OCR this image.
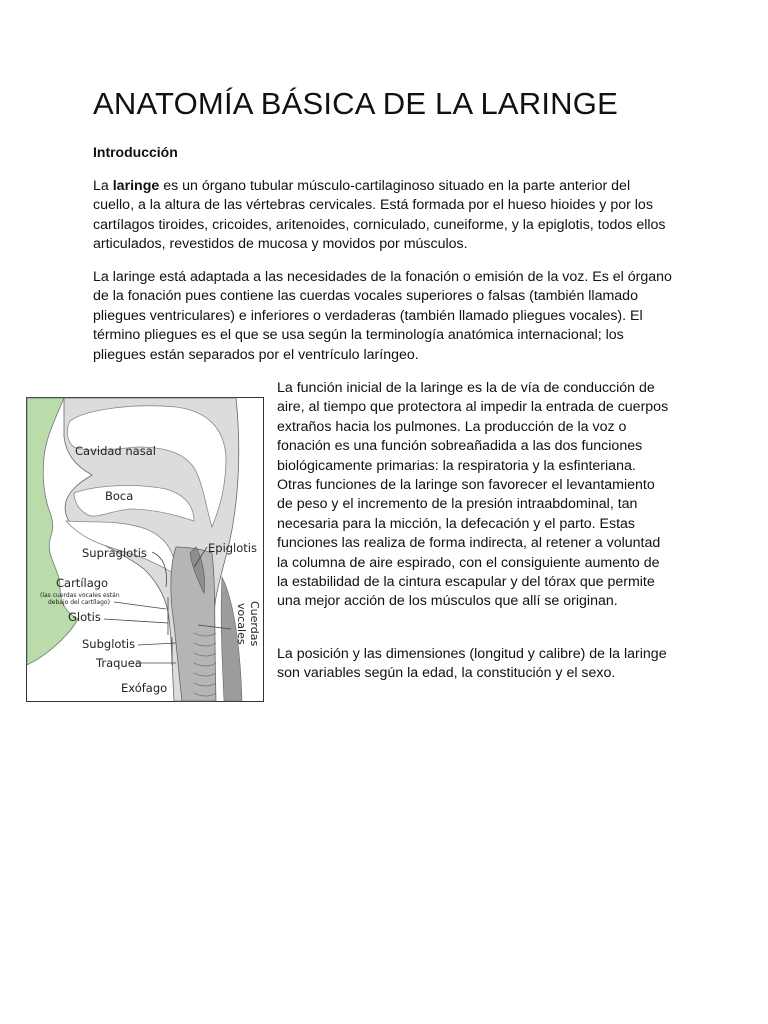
ANATOMÍA BÁSICA DE LA LARINGE
Introducción

La laringe es un órgano tubular músculo-cartilaginoso situado en la parte anterior del cuello, a la altura de las vértebras cervicales. Está formada por el hueso hioides y por los cartílagos tiroides, cricoides, aritenoides, corniculado, cuneiforme, y la epiglotis, todos ellos articulados, revestidos de mucosa y movidos por músculos.

La laringe está adaptada a las necesidades de la fonación o emisión de la voz. Es el órgano de la fonación pues contiene las cuerdas vocales superiores o falsas (también llamado pliegues ventriculares) e inferiores o verdaderas (también llamado pliegues vocales). El término pliegues es el que se usa según la terminología anatómica internacional; los pliegues están separados por el ventrículo laríngeo.

Cavidad nasal
Boca
Supraglotis	Epiglotis
Cartílago
(las cuerdas vocales están
debajo del cartílago)
Glotis	Cuerdas
vocales
Subglotis
Traquea
Exófago

La función inicial de la laringe es la de vía de conducción de aire, al tiempo que protectora al impedir la entrada de cuerpos extraños hacia los pulmones. La producción de la voz o fonación es una función sobreañadida a las dos funciones biológicamente primarias: la respiratoria y la esfinteriana. Otras funciones de la laringe son favorecer el levantamiento de peso y el incremento de la presión intraabdominal, tan necesaria para la micción, la defecación y el parto. Estas funciones las realiza de forma indirecta, al retener a voluntad la columna de aire espirado, con el consiguiente aumento de la estabilidad de la cintura escapular y del tórax que permite una mejor acción de los músculos que allí se originan.

La posición y las dimensiones (longitud y calibre) de la laringe son variables según la edad, la constitución y el sexo.
